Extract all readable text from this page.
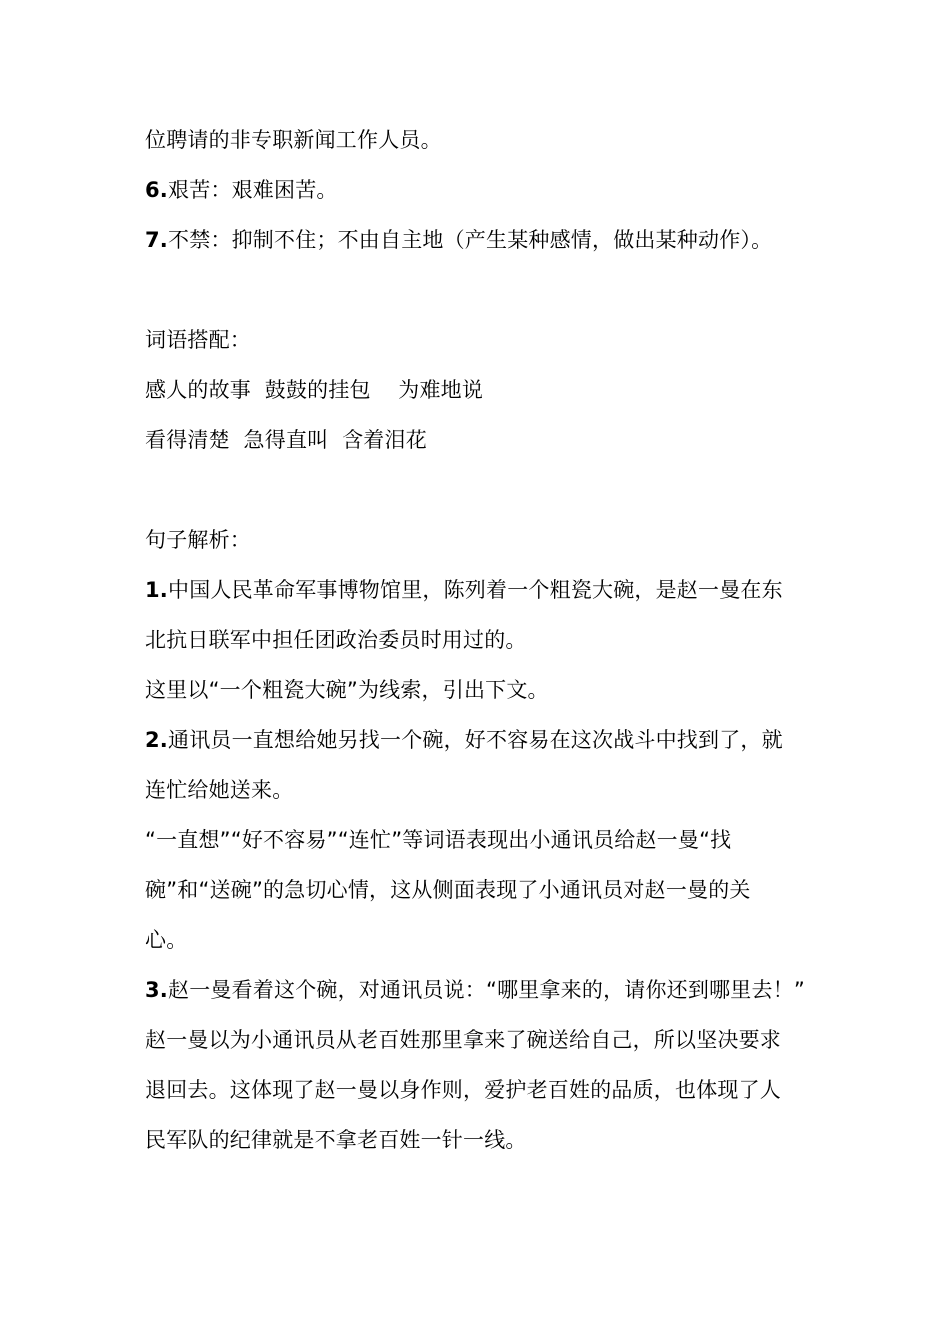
位聘请的非专职新闻工作人员。
6.艰苦：艰难困苦。
7.不禁：抑制不住；不由自主地（产生某种感情，做出某种动作）。
词语搭配：
感人的故事  鼓鼓的挂包    为难地说
看得清楚  急得直叫  含着泪花
句子解析：
1.中国人民革命军事博物馆里，陈列着一个粗瓷大碗，是赵一曼在东
北抗日联军中担任团政治委员时用过的。
这里以“一个粗瓷大碗”为线索，引出下文。
2.通讯员一直想给她另找一个碗，好不容易在这次战斗中找到了，就
连忙给她送来。
“一直想”“好不容易”“连忙”等词语表现出小通讯员给赵一曼“找
碗”和“送碗”的急切心情，这从侧面表现了小通讯员对赵一曼的关
心。
3.赵一曼看着这个碗，对通讯员说：“哪里拿来的，请你还到哪里去！”
赵一曼以为小通讯员从老百姓那里拿来了碗送给自己，所以坚决要求
退回去。这体现了赵一曼以身作则，爱护老百姓的品质，也体现了人
民军队的纪律就是不拿老百姓一针一线。
